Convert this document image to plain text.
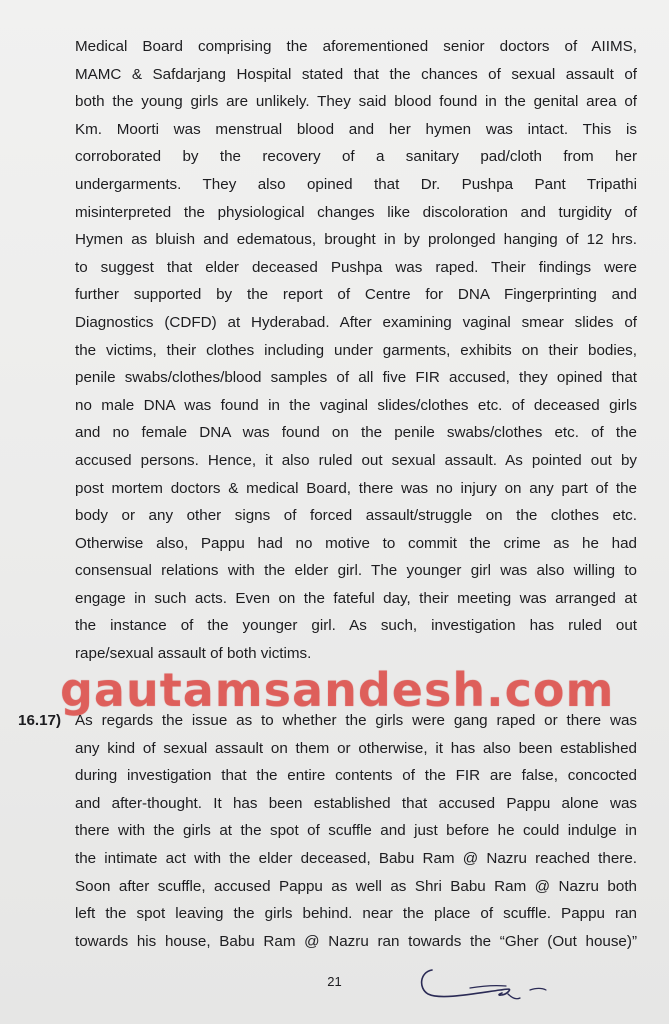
Medical Board comprising the aforementioned senior doctors of AIIMS,
MAMC & Safdarjang Hospital stated that the chances of sexual assault of
both the young girls are unlikely. They said blood found in the genital area of
Km. Moorti was menstrual blood and her hymen was intact. This is
corroborated by the recovery of a sanitary pad/cloth from her
undergarments. They also opined that Dr. Pushpa Pant Tripathi
misinterpreted the physiological changes like discoloration and turgidity of
Hymen as bluish and edematous, brought in by prolonged hanging of 12 hrs.
to suggest that elder deceased Pushpa was raped. Their findings were
further supported by the report of Centre for DNA Fingerprinting and
Diagnostics (CDFD) at Hyderabad. After examining vaginal smear slides of
the victims, their clothes including under garments, exhibits on their bodies,
penile swabs/clothes/blood samples of all five FIR accused, they opined that
no male DNA was found in the vaginal slides/clothes etc. of deceased girls
and no female DNA was found on the penile swabs/clothes etc. of the
accused persons. Hence, it also ruled out sexual assault. As pointed out by
post mortem doctors & medical Board, there was no injury on any part of the
body or any other signs of forced assault/struggle on the clothes etc.
Otherwise also, Pappu had no motive to commit the crime as he had
consensual relations with the elder girl. The younger girl was also willing to
engage in such acts. Even on the fateful day, their meeting was arranged at
the instance of the younger girl. As such, investigation has ruled out
rape/sexual assault of both victims.
gautamsandesh.com
16.17) As regards the issue as to whether the girls were gang raped or there was
any kind of sexual assault on them or otherwise, it has also been established
during investigation that the entire contents of the FIR are false, concocted
and after-thought. It has been established that accused Pappu alone was
there with the girls at the spot of scuffle and just before he could indulge in
the intimate act with the elder deceased, Babu Ram @ Nazru reached there.
Soon after scuffle, accused Pappu as well as Shri Babu Ram @ Nazru both
left the spot leaving the girls behind. near the place of scuffle. Pappu ran
towards his house, Babu Ram @ Nazru ran towards the “Gher (Out house)”
21
